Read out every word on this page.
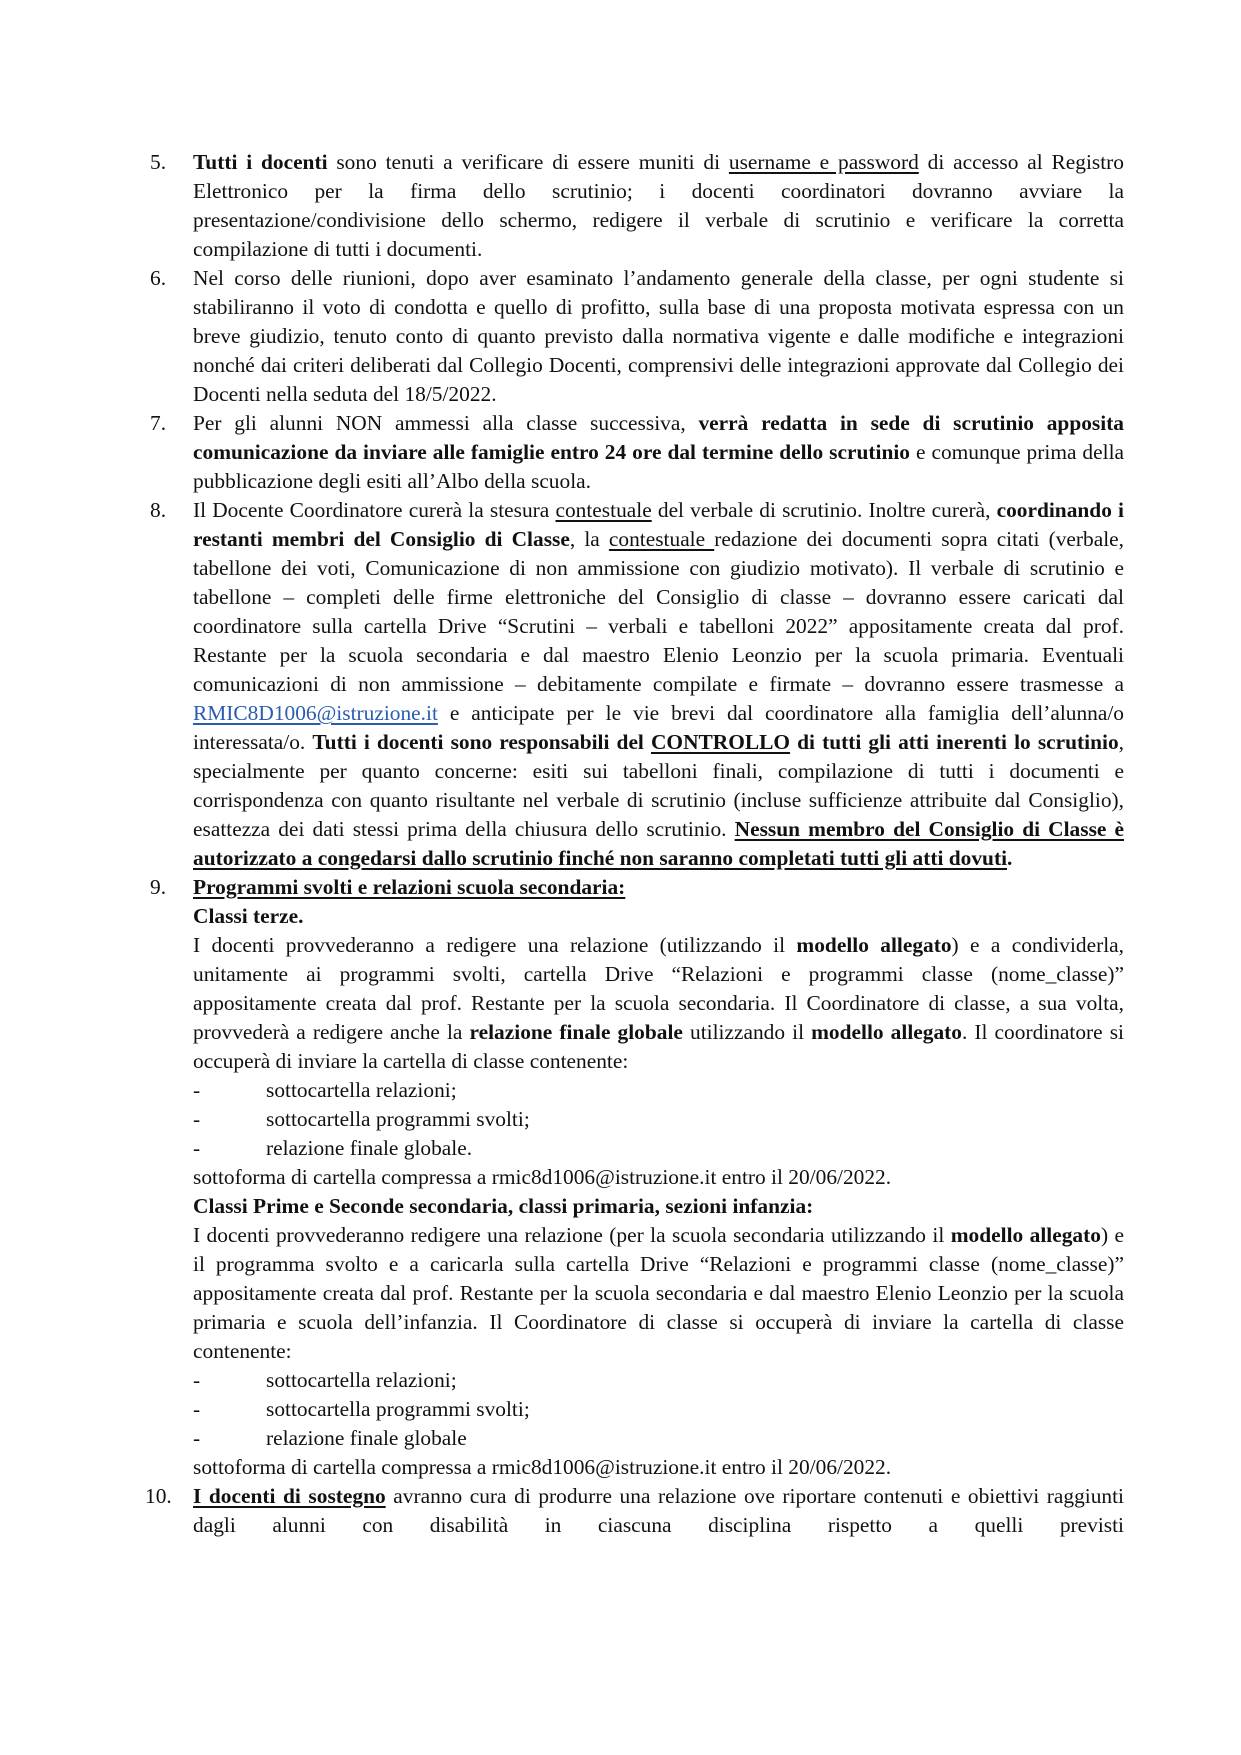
5. Tutti i docenti sono tenuti a verificare di essere muniti di username e password di accesso al Registro Elettronico per la firma dello scrutinio; i docenti coordinatori dovranno avviare la presentazione/condivisione dello schermo, redigere il verbale di scrutinio e verificare la corretta compilazione di tutti i documenti.

6. Nel corso delle riunioni, dopo aver esaminato l’andamento generale della classe, per ogni studente si stabiliranno il voto di condotta e quello di profitto, sulla base di una proposta motivata espressa con un breve giudizio, tenuto conto di quanto previsto dalla normativa vigente e dalle modifiche e integrazioni nonché dai criteri deliberati dal Collegio Docenti, comprensivi delle integrazioni approvate dal Collegio dei Docenti nella seduta del 18/5/2022.

7. Per gli alunni NON ammessi alla classe successiva, verrà redatta in sede di scrutinio apposita comunicazione da inviare alle famiglie entro 24 ore dal termine dello scrutinio e comunque prima della pubblicazione degli esiti all’Albo della scuola.

8. Il Docente Coordinatore curerà la stesura contestuale del verbale di scrutinio. Inoltre curerà, coordinando i restanti membri del Consiglio di Classe, la contestuale redazione dei documenti sopra citati (verbale, tabellone dei voti, Comunicazione di non ammissione con giudizio motivato). Il verbale di scrutinio e tabellone – completi delle firme elettroniche del Consiglio di classe – dovranno essere caricati dal coordinatore sulla cartella Drive “Scrutini – verbali e tabelloni 2022” appositamente creata dal prof. Restante per la scuola secondaria e dal maestro Elenio Leonzio per la scuola primaria. Eventuali comunicazioni di non ammissione – debitamente compilate e firmate – dovranno essere trasmesse a RMIC8D1006@istruzione.it e anticipate per le vie brevi dal coordinatore alla famiglia dell’alunna/o interessata/o. Tutti i docenti sono responsabili del CONTROLLO di tutti gli atti inerenti lo scrutinio, specialmente per quanto concerne: esiti sui tabelloni finali, compilazione di tutti i documenti e corrispondenza con quanto risultante nel verbale di scrutinio (incluse sufficienze attribuite dal Consiglio), esattezza dei dati stessi prima della chiusura dello scrutinio. Nessun membro del Consiglio di Classe è autorizzato a congedarsi dallo scrutinio finché non saranno completati tutti gli atti dovuti.

9. Programmi svolti e relazioni scuola secondaria:

Classi terze.

I docenti provvederanno a redigere una relazione (utilizzando il modello allegato) e a condividerla, unitamente ai programmi svolti, cartella Drive “Relazioni e programmi classe (nome_classe)” appositamente creata dal prof. Restante per la scuola secondaria. Il Coordinatore di classe, a sua volta, provvederà a redigere anche la relazione finale globale utilizzando il modello allegato. Il coordinatore si occuperà di inviare la cartella di classe contenente:

-	sottocartella relazioni;
-	sottocartella programmi svolti;
-	relazione finale globale.

sottoforma di cartella compressa a rmic8d1006@istruzione.it entro il 20/06/2022.

Classi Prime e Seconde secondaria, classi primaria, sezioni infanzia:

I docenti provvederanno redigere una relazione (per la scuola secondaria utilizzando il modello allegato) e il programma svolto e a caricarla sulla cartella Drive “Relazioni e programmi classe (nome_classe)” appositamente creata dal prof. Restante per la scuola secondaria e dal maestro Elenio Leonzio per la scuola primaria e scuola dell’infanzia. Il Coordinatore di classe si occuperà di inviare la cartella di classe contenente:

-	sottocartella relazioni;
-	sottocartella programmi svolti;
-	relazione finale globale

sottoforma di cartella compressa a rmic8d1006@istruzione.it entro il 20/06/2022.

10. I docenti di sostegno avranno cura di produrre una relazione ove riportare contenuti e obiettivi raggiunti dagli alunni con disabilità in ciascuna disciplina rispetto a quelli previsti
